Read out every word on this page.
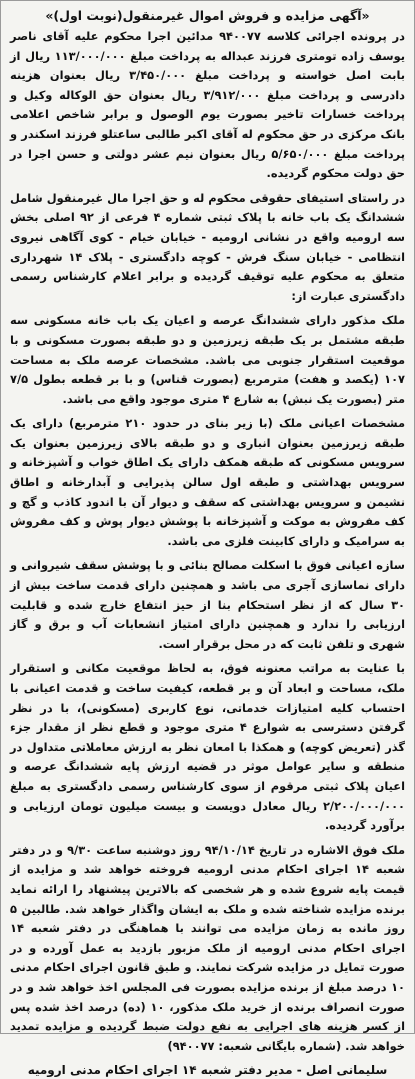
«آگهی مزایده و فروش اموال غیرمنقول(نوبت اول)»

در پرونده اجرائی کلاسه ۹۴۰۰۷۷ مدائین اجرا محکوم علیه آقای ناصر یوسف زاده تومتری فرزند عبداله به پرداخت مبلغ ۱۱۳/۰۰۰/۰۰۰ ریال از بابت اصل خواسته و پرداخت مبلغ ۳/۴۵۰/۰۰۰ ریال بعنوان هزینه دادرسی و پرداخت مبلغ ۳/۹۱۲/۰۰۰ ریال بعنوان حق الوکاله وکیل و پرداخت خسارات تاخیر بصورت یوم الوصول و برابر شاخص اعلامی بانک مرکزی در حق محکوم له آقای اکبر طالبی ساعتلو فرزند اسکندر و پرداخت مبلغ ۵/۶۵۰/۰۰۰ ریال بعنوان نیم عشر دولتی و حسن اجرا در حق دولت محکوم گردیده.

در راستای استیفای حقوقی محکوم له و حق اجرا مال غیرمنقول شامل ششدانگ یک باب خانه با پلاک ثبتی شماره ۴ فرعی از ۹۲ اصلی بخش سه ارومیه واقع در نشانی ارومیه - خیابان خیام - کوی آگاهی نیروی انتظامی - خیابان سنگ فرش - کوچه دادگستری - پلاک ۱۴ شهرداری متعلق به محکوم علیه توقیف گردیده و برابر اعلام کارشناس رسمی دادگستری عبارت از:

ملک مذکور دارای ششدانگ عرصه و اعیان یک باب خانه مسکونی سه طبقه مشتمل بر یک طبقه زیرزمین و دو طبقه بصورت مسکونی و با موقعیت استقرار جنوبی می باشد. مشخصات عرصه ملک به مساحت ۱۰۷ (یکصد و هفت) مترمربع (بصورت قناس) و با بر قطعه بطول ۷/۵ متر (بصورت یک نبش) به شارع ۴ متری موجود واقع می باشد.

مشخصات اعیانی ملک (با زیر بنای در حدود ۲۱۰ مترمربع) دارای یک طبقه زیرزمین بعنوان انباری و دو طبقه بالای زیرزمین بعنوان یک سرویس مسکونی که طبقه همکف دارای یک اطاق خواب و آشپزخانه و سرویس بهداشتی و طبقه اول سالن پذیرایی و آبدارخانه و اطاق نشیمن و سرویس بهداشتی که سقف و دیوار آن با اندود کاذب و گچ و کف مفروش به موکت و آشپزخانه با پوشش دیوار پوش و کف مفروش به سرامیک و دارای کابینت فلزی می باشد.

سازه اعیانی فوق با اسکلت مصالح بنائی و با پوشش سقف شیروانی و دارای نماسازی آجری می باشد و همچنین دارای قدمت ساخت بیش از ۳۰ سال که از نظر استحکام بنا از حیز انتفاع خارج شده و قابلیت ارزیابی را ندارد و همچنین دارای امتیاز انشعابات آب و برق و گاز شهری و تلفن ثابت که در محل برقرار است.

با عنایت به مراتب معنونه فوق، به لحاظ موقعیت مکانی و استقرار ملک، مساحت و ابعاد آن و بر قطعه، کیفیت ساخت و قدمت اعیانی با احتساب کلیه امتیازات خدماتی، نوع کاربری (مسکونی)، با در نظر گرفتن دسترسی به شوارع ۴ متری موجود و قطع نظر از مقدار جزء گذر (تعریض کوچه) و همکذا با امعان نظر به ارزش معاملاتی متداول در منطقه و سایر عوامل موثر در قضیه ارزش پایه ششدانگ عرصه و اعیان پلاک ثبتی مرقوم از سوی کارشناس رسمی دادگستری به مبلغ ۲/۲۰۰/۰۰۰/۰۰۰ ریال معادل دویست و بیست میلیون تومان ارزیابی و برآورد گردیده.

ملک فوق الاشاره در تاریخ ۹۴/۱۰/۱۴ روز دوشنبه ساعت ۹/۳۰ و در دفتر شعبه ۱۴ اجرای احکام مدنی ارومیه فروخته خواهد شد و مزایده از قیمت پایه شروع شده و هر شخصی که بالاترین پیشنهاد را ارائه نماید برنده مزایده شناخته شده و ملک به ایشان واگذار خواهد شد. طالبین ۵ روز مانده به زمان مزایده می توانند با هماهنگی در دفتر شعبه ۱۴ اجرای احکام مدنی ارومیه از ملک مزبور بازدید به عمل آورده و در صورت تمایل در مزایده شرکت نمایند. و طبق قانون اجرای احکام مدنی ۱۰ درصد مبلغ از برنده مزایده بصورت فی المجلس اخذ خواهد شد و در صورت انصراف برنده از خرید ملک مذکور، ۱۰ (ده) درصد اخذ شده پس از کسر هزینه های اجرایی به نفع دولت ضبط گردیده و مزایده تمدید خواهد شد. (شماره بایگانی شعبه: ۹۴۰۰۷۷)

سلیمانی اصل - مدیر دفتر شعبه ۱۴ اجرای احکام مدنی ارومیه
